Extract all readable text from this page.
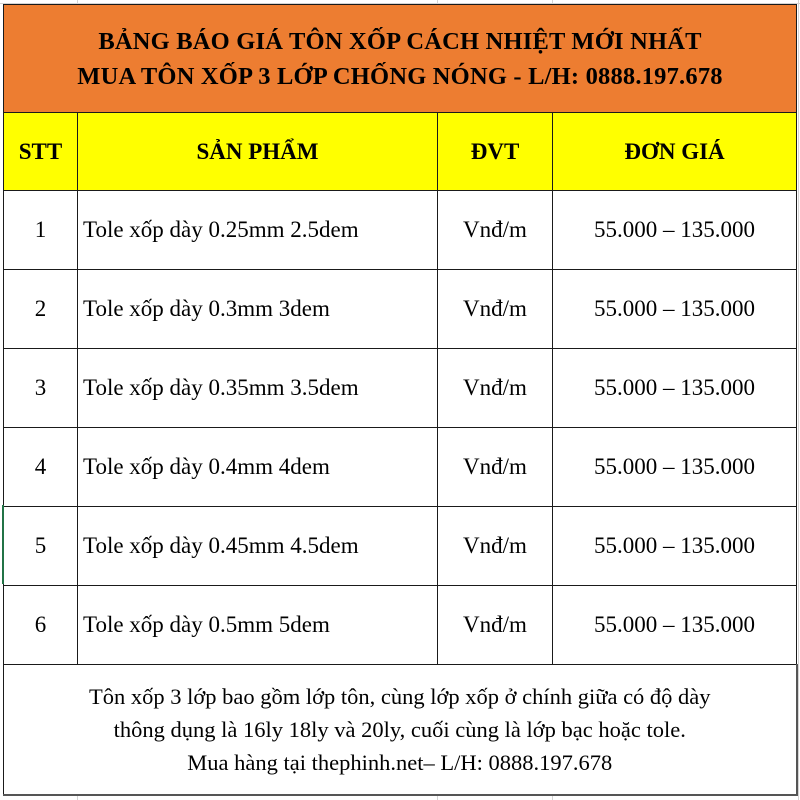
BẢNG BÁO GIÁ TÔN XỐP CÁCH NHIỆT MỚI NHẤT
MUA TÔN XỐP 3 LỚP CHỐNG NÓNG - L/H: 0888.197.678			

STT	SẢN PHẨM	ĐVT	ĐƠN GIÁ
1	Tole xốp dày 0.25mm 2.5dem	Vnđ/m	55.000 – 135.000
2	Tole xốp dày 0.3mm 3dem	Vnđ/m	55.000 – 135.000
3	Tole xốp dày 0.35mm 3.5dem	Vnđ/m	55.000 – 135.000
4	Tole xốp dày 0.4mm 4dem	Vnđ/m	55.000 – 135.000
5	Tole xốp dày 0.45mm 4.5dem	Vnđ/m	55.000 – 135.000
6	Tole xốp dày 0.5mm 5dem	Vnđ/m	55.000 – 135.000

Tôn xốp 3 lớp bao gồm lớp tôn, cùng lớp xốp ở chính giữa có độ dày
thông dụng là 16ly 18ly và 20ly, cuối cùng là lớp bạc hoặc tole.
Mua hàng tại thephinh.net– L/H: 0888.197.678			
